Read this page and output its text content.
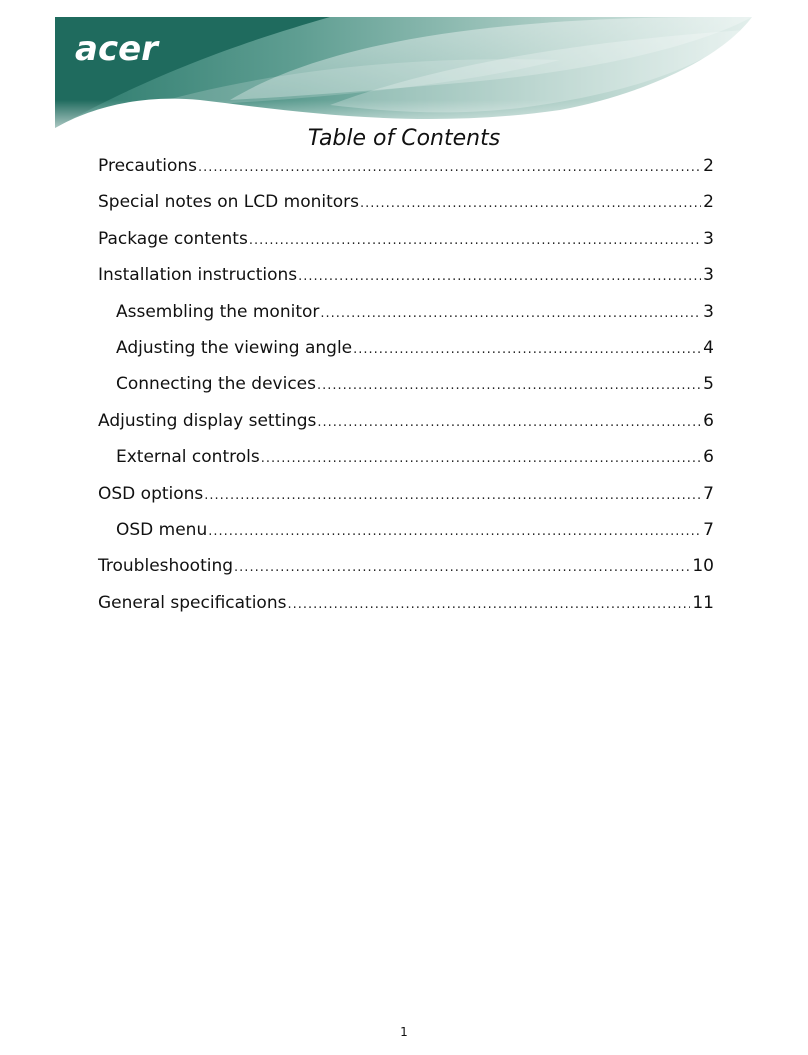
acer
Table of Contents
Precautions .....	2
Special notes on LCD monitors .....	2
Package contents .....	3
Installation instructions .....	3
Assembling the monitor .....	3
Adjusting the viewing angle .....	4
Connecting the devices .....	5
Adjusting display settings .....	6
External controls .....	6
OSD options .....	7
OSD menu .....	7
Troubleshooting .....	10
General specifications .....	11
1
